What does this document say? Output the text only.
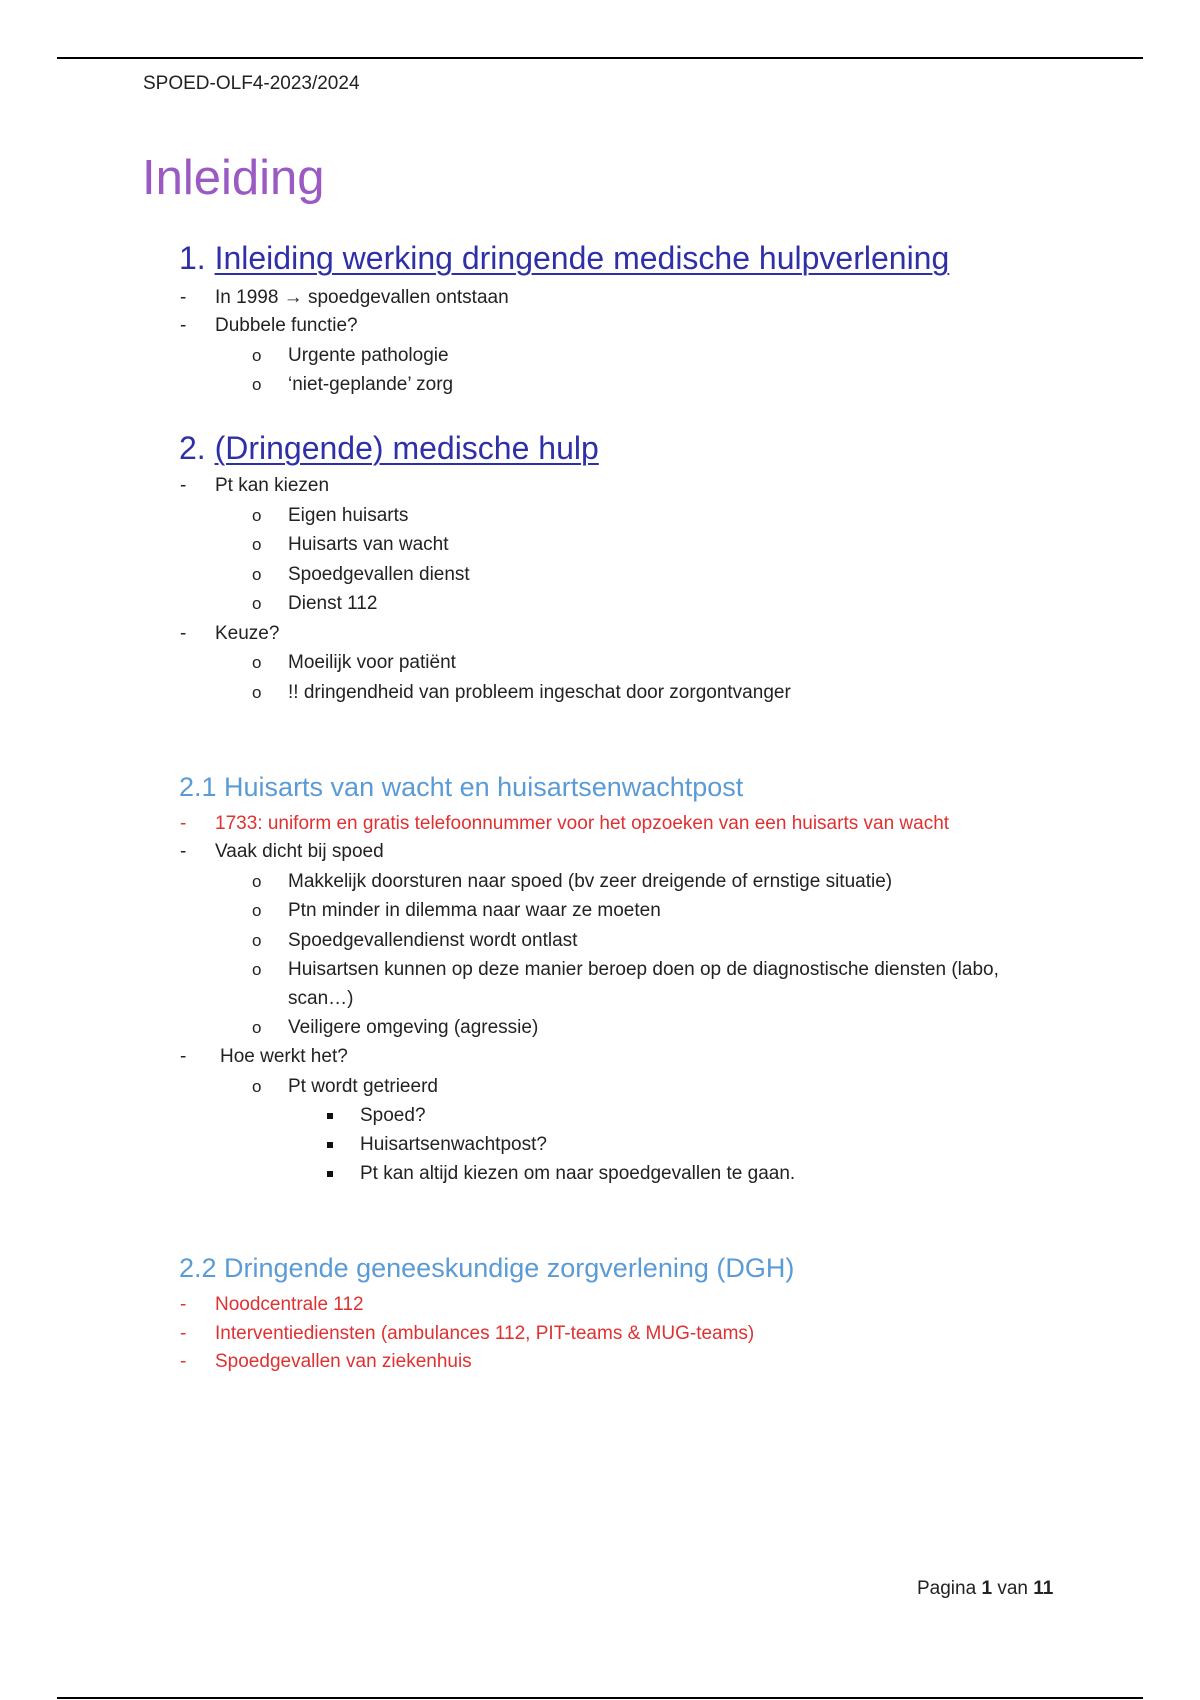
SPOED-OLF4-2023/2024
Inleiding
1. Inleiding werking dringende medische hulpverlening
- In 1998 → spoedgevallen ontstaan
- Dubbele functie?
o Urgente pathologie
o ‘niet-geplande’ zorg
2. (Dringende) medische hulp
- Pt kan kiezen
o Eigen huisarts
o Huisarts van wacht
o Spoedgevallen dienst
o Dienst 112
- Keuze?
o Moeilijk voor patiënt
o !! dringendheid van probleem ingeschat door zorgontvanger
2.1 Huisarts van wacht en huisartsenwachtpost
- 1733: uniform en gratis telefoonnummer voor het opzoeken van een huisarts van wacht
- Vaak dicht bij spoed
o Makkelijk doorsturen naar spoed (bv zeer dreigende of ernstige situatie)
o Ptn minder in dilemma naar waar ze moeten
o Spoedgevallendienst wordt ontlast
o Huisartsen kunnen op deze manier beroep doen op de diagnostische diensten (labo,
scan…)
o Veiligere omgeving (agressie)
- Hoe werkt het?
o Pt wordt getrieerd
Spoed?
Huisartsenwachtpost?
Pt kan altijd kiezen om naar spoedgevallen te gaan.
2.2 Dringende geneeskundige zorgverlening (DGH)
- Noodcentrale 112
- Interventiediensten (ambulances 112, PIT-teams & MUG-teams)
- Spoedgevallen van ziekenhuis
Pagina 1 van 11
